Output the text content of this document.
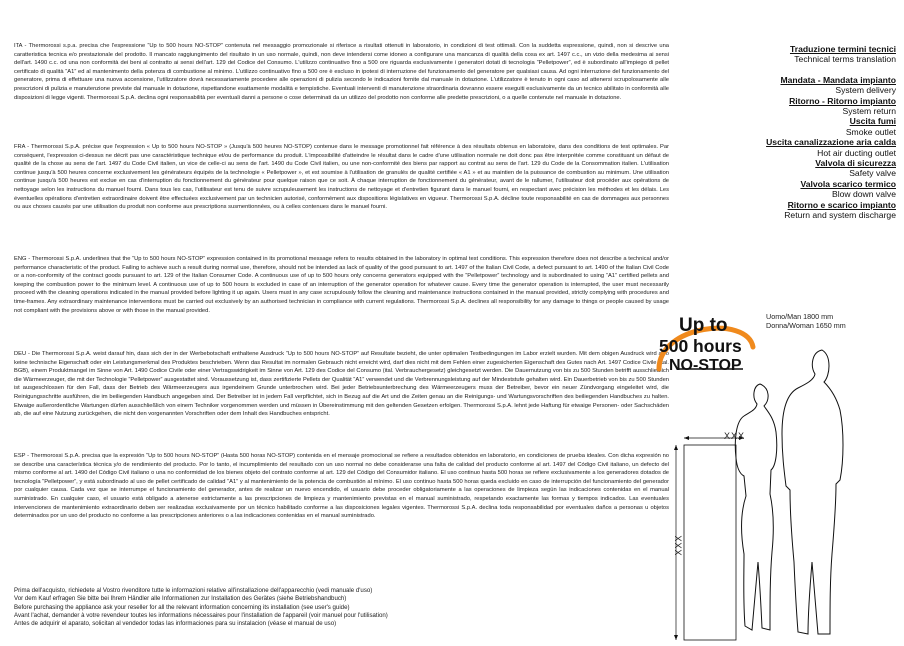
ITA - Thermorossi s.p.a. precisa che l'espressione “Up to 500 hours NO-STOP” contenuta nel messaggio promozionale si riferisce a risultati ottenuti in laboratorio, in condizioni di test ottimali. Con la suddetta espressione, quindi, non si descrive una caratteristica tecnica e/o prestazionale del prodotto. Il mancato raggiungimento del risultato in un uso normale, quindi, non deve intendersi come idoneo a configurare una mancanza di qualità della cosa ex art. 1497 c.c., un vizio della medesima ai sensi dell'art. 1490 c.c. od una non conformità dei beni al contratto ai sensi dell'art. 129 del Codice del Consumo. L'utilizzo continuativo fino a 500 ore riguarda esclusivamente i generatori dotati di tecnologia “Pelletpower”, ed è subordinato all'impiego di pellet certificato di qualità “A1” ed al mantenimento della potenza di combustione al minimo. L'utilizzo continuativo fino a 500 ore è escluso in ipotesi di interruzione del funzionamento del generatore per qualsiasi causa. Ad ogni interruzione del funzionamento del generatore, prima di effettuare una nuova accensione, l'utilizzatore dovrà necessariamente procedere alle operazioni di pulizia secondo le indicazioni fornite dal manuale in dotazione. L'utilizzatore è tenuto in ogni caso ad attenersi scrupolosamente alle prescrizioni di pulizia e manutenzione previste dal manuale in dotazione, rispettandone esattamente modalità e tempistiche. Eventuali interventi di manutenzione straordinaria dovranno essere eseguiti esclusivamente da un tecnico abilitato in conformità alle disposizioni di legge vigenti. Thermorossi S.p.A. declina ogni responsabilità per eventuali danni a persone o cose determinati da un utilizzo del prodotto non conforme alle predette prescrizioni, o a quelle contenute nel manuale in dotazione.
FRA - Thermorossi S.p.A. précise que l'expression « Up to 500 hours NO-STOP » (Jusqu'à 500 heures NO-STOP) contenue dans le message promotionnel fait référence à des résultats obtenus en laboratoire, dans des conditions de test optimales. Par conséquent, l'expression ci-dessus ne décrit pas une caractéristique technique et/ou de performance du produit. L'impossibilité d'atteindre le résultat dans le cadre d'une utilisation normale ne doit donc pas être interprétée comme constituant un défaut de qualité de la chose au sens de l'art. 1497 du Code Civil italien, un vice de celle-ci au sens de l'art. 1490 du Code Civil italien, ou une non-conformité des biens par rapport au contrat au sens de l'art. 129 du Code de la Consommation italien. L'utilisation continue jusqu'à 500 heures concerne exclusivement les générateurs équipés de la technologie « Pelletpower », et est soumise à l'utilisation de granulés de qualité certifiée « A1 » et au maintien de la puissance de combustion au minimum. Une utilisation continue jusqu'à 500 heures est exclue en cas d'interruption du fonctionnement du générateur pour quelque raison que ce soit. À chaque interruption de fonctionnement du générateur, avant de le rallumer, l'utilisateur doit procéder aux opérations de nettoyage selon les instructions du manuel fourni. Dans tous les cas, l'utilisateur est tenu de suivre scrupuleusement les instructions de nettoyage et d'entretien figurant dans le manuel fourni, en respectant avec précision les méthodes et les délais. Les éventuelles opérations d'entretien extraordinaire doivent être effectuées exclusivement par un technicien autorisé, conformément aux dispositions législatives en vigueur. Thermorossi S.p.A. décline toute responsabilité en cas de dommages aux personnes ou aux choses causés par une utilisation du produit non conforme aux prescriptions susmentionnées, ou à celles contenues dans le manuel fourni.
ENG - Thermorossi S.p.A. underlines that the “Up to 500 hours NO-STOP” expression contained in its promotional message refers to results obtained in the laboratory in optimal test conditions. This expression therefore does not describe a technical and/or performance characteristic of the product. Failing to achieve such a result during normal use, therefore, should not be intended as lack of quality of the good pursuant to art. 1497 of the Italian Civil Code, a defect pursuant to art. 1490 of the Italian Civil Code or a non-conformity of the contract goods pursuant to art. 129 of the Italian Consumer Code. A continuous use of up to 500 hours only concerns generators equipped with the “Pelletpower” technology and is subordinated to using “A1” certified pellets and keeping the combustion power to the minimum level. A continuous use of up to 500 hours is excluded in case of an interruption of the generator operation for whatever cause. Every time the generator operation is interrupted, the user must necessarily proceed with the cleaning operations indicated in the manual provided before lighting it up again. Users must in any case scrupulously follow the cleaning and maintenance instructions contained in the manual provided, strictly complying with procedures and time-frames. Any extraordinary maintenance interventions must be carried out exclusively by an authorised technician in compliance with current regulations. Thermorossi S.p.A. declines all responsibility for any damage to things or people caused by usage not compliant with the provisions above or with those in the manual provided.
DEU - Die Thermorossi S.p.A. weist darauf hin, dass sich der in der Werbebotschaft enthaltene Ausdruck “Up to 500 hours NO-STOP” auf Resultate bezieht, die unter optimalen Testbedingungen im Labor erzielt wurden. Mit dem obigen Ausdruck wird also keine technische Eigenschaft oder ein Leistungsmerkmal des Produktes beschrieben. Wenn das Resultat im normalen Gebrauch nicht erreicht wird, darf dies nicht mit dem Fehlen einer zugesicherten Eigenschaft des Gutes nach Art. 1497 Codice Civile (ital. BGB), einem Produktmangel im Sinne von Art. 1490 Codice Civile oder einer Vertragswidrigkeit im Sinne von Art. 129 des Codice del Consumo (ital. Verbrauchergesetz) gleichgesetzt werden. Die Dauernutzung von bis zu 500 Stunden betrifft ausschließlich die Wärmeerzeuger, die mit der Technologie “Pelletpower” ausgestattet sind. Voraussetzung ist, dass zertifizierte Pellets der Qualität “A1” verwendet und die Verbrennungsleistung auf der Mindeststufe gehalten wird. Ein Dauerbetrieb von bis zu 500 Stunden ist ausgeschlossen für den Fall, dass der Betrieb des Wärmeerzeugers aus irgendeinem Grunde unterbrochen wird. Bei jeder Betriebsunterbrechung des Wärmeerzeugers muss der Betreiber, bevor ein neuer Zündvorgang eingeleitet wird, die Reinigungsschritte ausführen, die im beiliegenden Handbuch angegeben sind. Der Betreiber ist in jedem Fall verpflichtet, sich in Bezug auf die Art und die Zeiten genau an die Reinigungs- und Wartungsvorschriften des beiliegenden Handbuches zu halten. Etwaige außerordentliche Wartungen dürfen ausschließlich von einem Techniker vorgenommen werden und müssen in Übereinstimmung mit den geltenden Gesetzen erfolgen. Thermorossi S.p.A. lehnt jede Haftung für etwaige Personen- oder Sachschäden ab, die auf eine Nutzung zurückgehen, die nicht den vorgenannten Vorschriften oder dem Inhalt des Handbuches entspricht.
ESP - Thermorossi S.p.A. precisa que la expresión “Up to 500 hours NO-STOP” (Hasta 500 horas NO-STOP) contenida en el mensaje promocional se refiere a resultados obtenidos en laboratorio, en condiciones de prueba ideales. Con dicha expresión no se describe una característica técnica y/o de rendimiento del producto. Por lo tanto, el incumplimiento del resultado con un uso normal no debe considerarse una falta de calidad del producto conforme al art. 1497 del Código Civil italiano, un defecto del mismo conforme al art. 1490 del Código Civil italiano o una no conformidad de los bienes objeto del contrato conforme al art. 129 del Código del Consumidor italiano. El uso continuo hasta 500 horas se refiere exclusivamente a los generadores dotados de tecnología “Pelletpower”, y está subordinado al uso de pellet certificado de calidad “A1” y al mantenimiento de la potencia de combustión al mínimo. El uso continuo hasta 500 horas queda excluido en caso de interrupción del funcionamiento del generador por cualquier causa. Cada vez que se interrumpe el funcionamiento del generador, antes de realizar un nuevo encendido, el usuario debe proceder obligatoriamente a las operaciones de limpieza según las indicaciones contenidas en el manual suministrado. En cualquier caso, el usuario está obligado a atenerse estrictamente a las prescripciones de limpieza y mantenimiento previstas en el manual suministrado, respetando exactamente las formas y tiempos indicados. Las eventuales intervenciones de mantenimiento extraordinario deben ser realizadas exclusivamente por un técnico habilitado conforme a las disposiciones legales vigentes. Thermorossi S.p.A. declina toda responsabilidad por eventuales daños a personas u objetos determinados por un uso del producto no conforme a las prescripciones anteriores o a las indicaciones contenidas en el manual suministrado.
Prima dell'acquisto, richiedete al Vostro rivenditore tutte le informazioni relative all'installazione dell'apparecchio (vedi manuale d'uso)
Vor dem Kauf erfragen Sie bitte bei Ihrem Händler alle Informationen zur Installation des Gerätes (siehe Betriebshandbuch)
Before purchasing the appliance ask your reseller for all the relevant information concerning its installation (see user's guide)
Avant l'achat, demander à votre revendeur toutes les informations nécessaires pour l'installation de l'appareil (voir manuel pour l'utilisation)
Antes de adquirir el aparato, solicitan al vendedor todas las informaciones para su instalacion (véase el manual de uso)
Traduzione termini tecnici
Technical terms translation
Mandata - Mandata impianto
System delivery
Ritorno - Ritorno impianto
System return
Uscita fumi
Smoke outlet
Uscita canalizzazione aria calda
Hot air ducting outlet
Valvola di sicurezza
Safety valve
Valvola scarico termico
Blow down valve
Ritorno e scarico impianto
Return and system discharge
Uomo/Man 1800 mm
Donna/Woman 1650 mm
Up to
500 hours
NO-STOP
XXX
XXX
